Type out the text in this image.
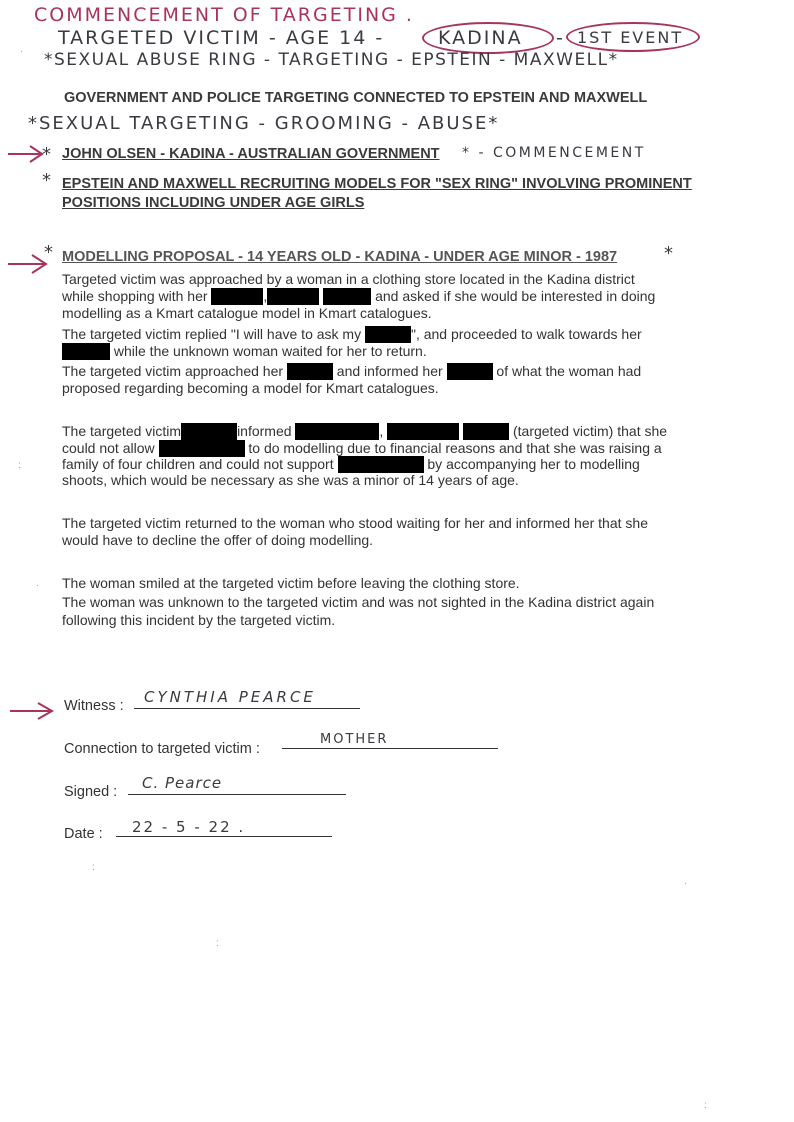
COMMENCEMENT OF TARGETING .
TARGETED VICTIM - AGE 14 -	KADINA - 1ST EVENT
*SEXUAL ABUSE RING - TARGETING - EPSTEIN - MAXWELL*
GOVERNMENT AND POLICE TARGETING CONNECTED TO EPSTEIN AND MAXWELL
*SEXUAL TARGETING - GROOMING - ABUSE*
* JOHN OLSEN - KADINA - AUSTRALIAN GOVERNMENT * - COMMENCEMENT
* EPSTEIN AND MAXWELL RECRUITING MODELS FOR "SEX RING" INVOLVING PROMINENT
POSITIONS INCLUDING UNDER AGE GIRLS
* MODELLING PROPOSAL - 14 YEARS OLD - KADINA - UNDER AGE MINOR - 1987	*
Targeted victim was approached by a woman in a clothing store located in the Kadina district
while shopping with her	,	and asked if she would be interested in doing
modelling as a Kmart catalogue model in Kmart catalogues.
The targeted victim replied "I will have to ask my	", and proceeded to walk towards her
while the unknown woman waited for her to return.
The targeted victim approached her	and informed her	of what the woman had
proposed regarding becoming a model for Kmart catalogues.
The targeted victim	informed	,	(targeted victim) that she
could not allow	to do modelling due to financial reasons and that she was raising a
family of four children and could not support	by accompanying her to modelling
shoots, which would be necessary as she was a minor of 14 years of age.
The targeted victim returned to the woman who stood waiting for her and informed her that she
would have to decline the offer of doing modelling.
The woman smiled at the targeted victim before leaving the clothing store.
The woman was unknown to the targeted victim and was not sighted in the Kadina district again
following this incident by the targeted victim.
Witness : CYNTHIA PEARCE
Connection to targeted victim :
MOTHER
Signed : C. Pearce
Date : 22 - 5 - 22 .
·
:
·
:
:
·
:
